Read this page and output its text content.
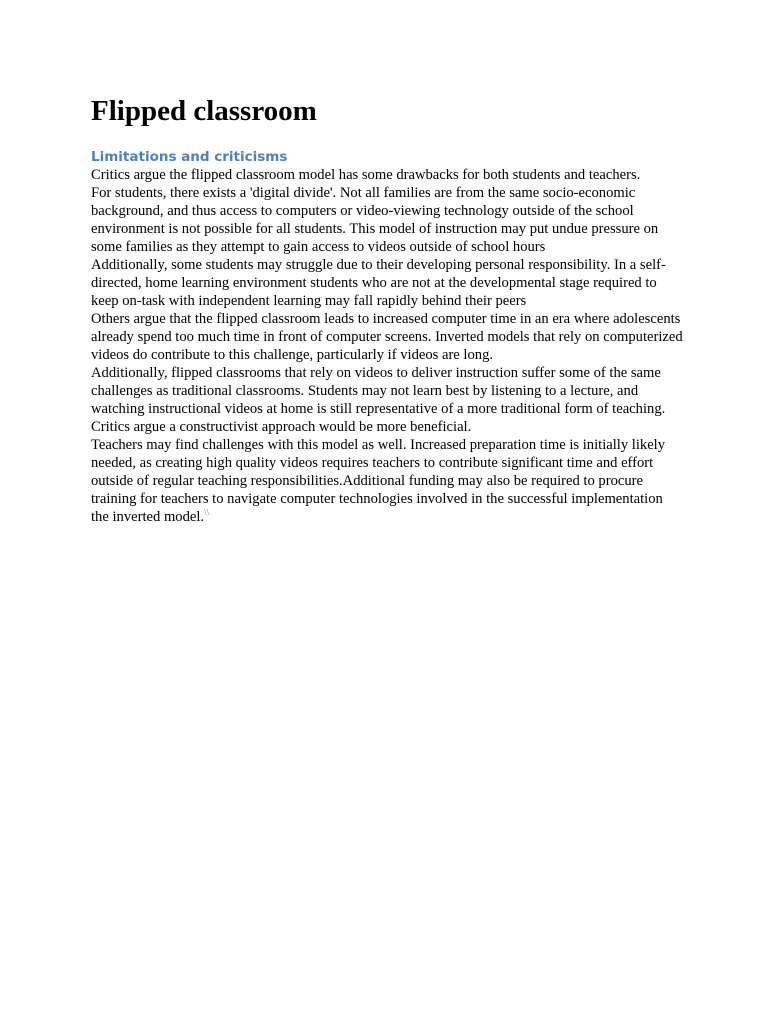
Flipped classroom
Limitations and criticisms

Critics argue the flipped classroom model has some drawbacks for both students and teachers.

For students, there exists a 'digital divide'. Not all families are from the same socio-economic background, and thus access to computers or video-viewing technology outside of the school environment is not possible for all students. This model of instruction may put undue pressure on some families as they attempt to gain access to videos outside of school hours

Additionally, some students may struggle due to their developing personal responsibility. In a self-directed, home learning environment students who are not at the developmental stage required to keep on-task with independent learning may fall rapidly behind their peers

Others argue that the flipped classroom leads to increased computer time in an era where adolescents already spend too much time in front of computer screens. Inverted models that rely on computerized videos do contribute to this challenge, particularly if videos are long.

Additionally, flipped classrooms that rely on videos to deliver instruction suffer some of the same challenges as traditional classrooms. Students may not learn best by listening to a lecture, and watching instructional videos at home is still representative of a more traditional form of teaching. Critics argue a constructivist approach would be more beneficial.

Teachers may find challenges with this model as well. Increased preparation time is initially likely needed, as creating high quality videos requires teachers to contribute significant time and effort outside of regular teaching responsibilities.Additional funding may also be required to procure training for teachers to navigate computer technologies involved in the successful implementation the inverted model.\\
